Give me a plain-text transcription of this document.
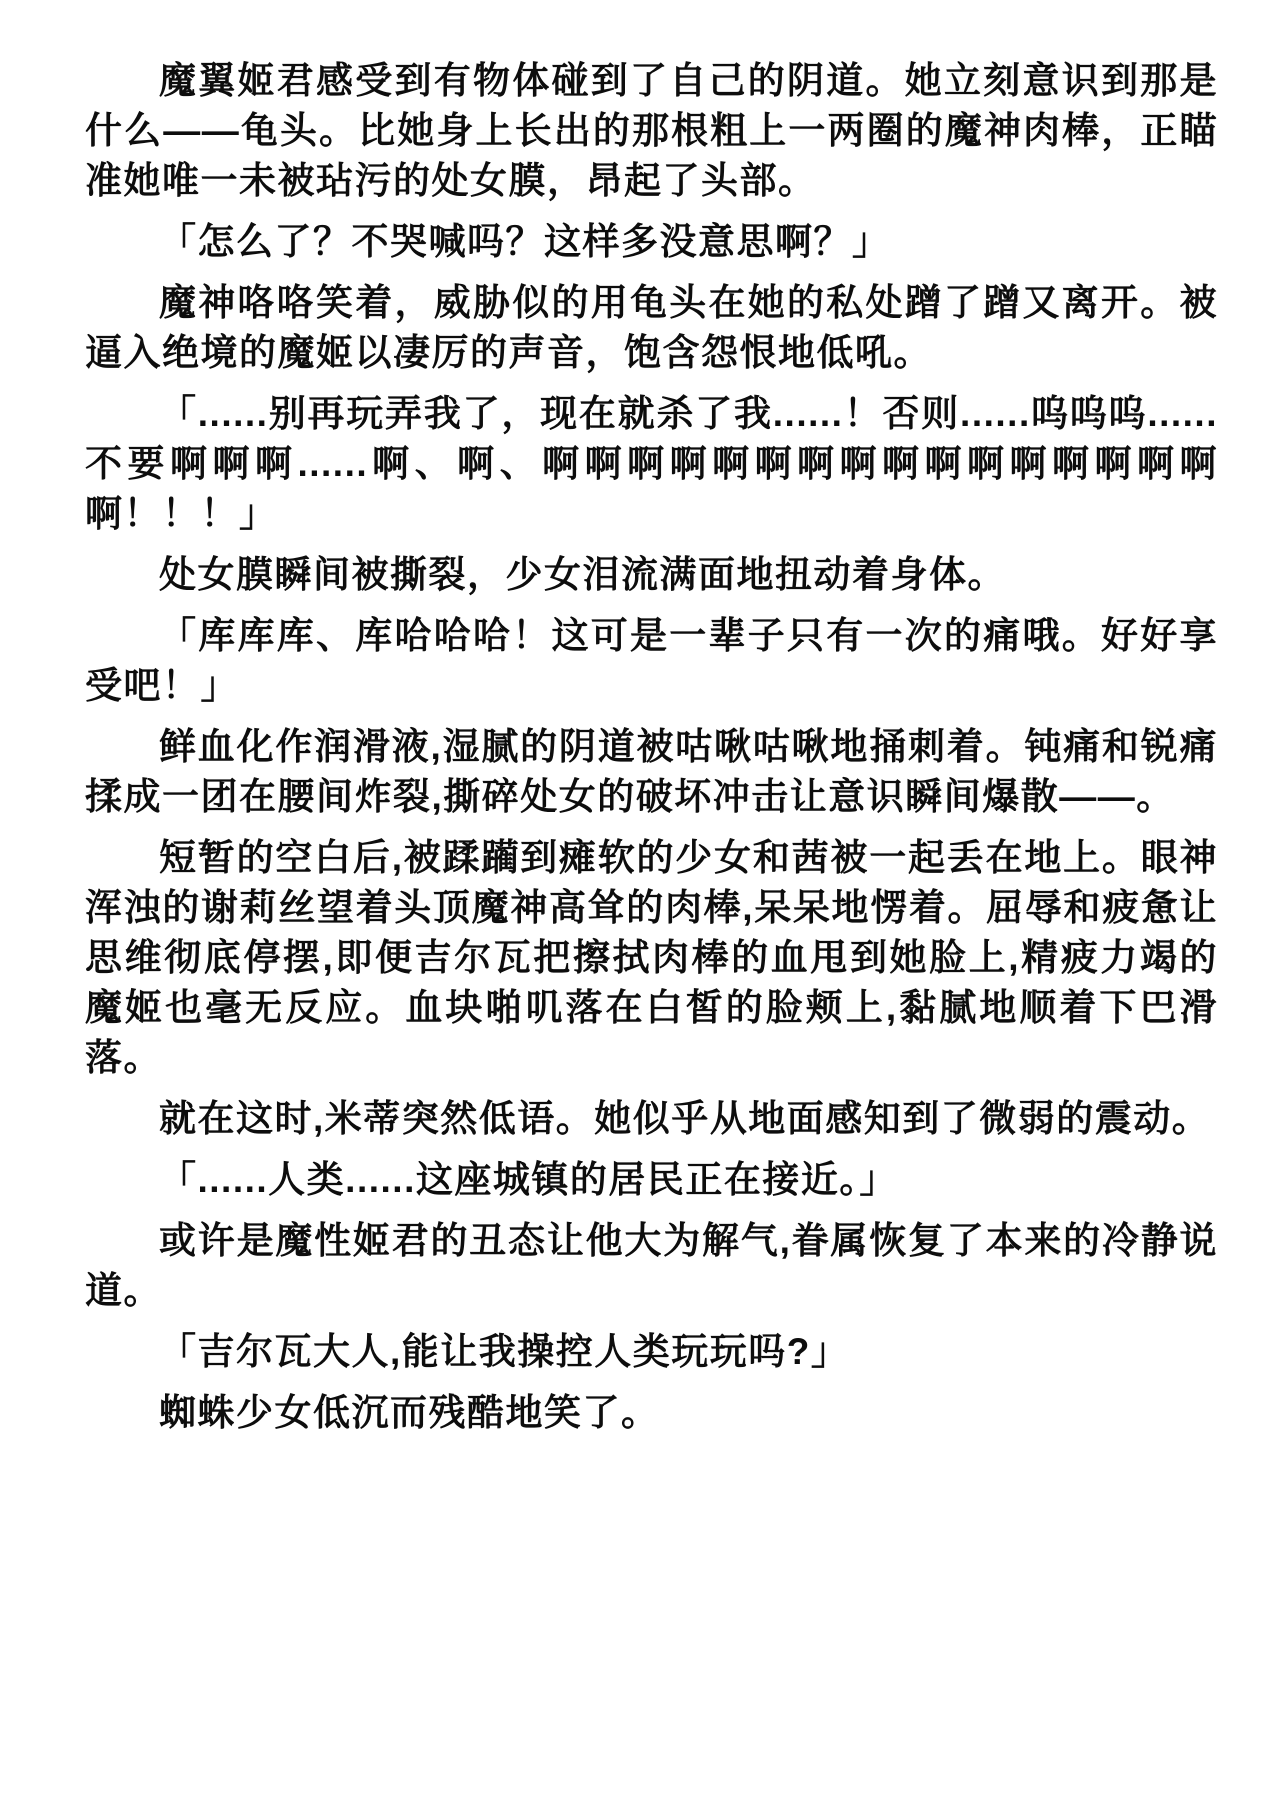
魔翼姬君感受到有物体碰到了自己的阴道。她立刻意识到那是什么——龟头。比她身上长出的那根粗上一两圈的魔神肉棒，正瞄准她唯一未被玷污的处女膜，昂起了头部。

「怎么了？不哭喊吗？这样多没意思啊？」

魔神咯咯笑着，威胁似的用龟头在她的私处蹭了蹭又离开。被逼入绝境的魔姬以凄厉的声音，饱含怨恨地低吼。

「......别再玩弄我了，现在就杀了我......！否则......呜呜呜......不要啊啊啊......啊、啊、啊啊啊啊啊啊啊啊啊啊啊啊啊啊啊啊啊！！！」

处女膜瞬间被撕裂，少女泪流满面地扭动着身体。

「库库库、库哈哈哈！这可是一辈子只有一次的痛哦。好好享受吧！」

鲜血化作润滑液,湿腻的阴道被咕啾咕啾地捅刺着。钝痛和锐痛揉成一团在腰间炸裂,撕碎处女的破坏冲击让意识瞬间爆散——。

短暂的空白后,被蹂躏到瘫软的少女和茜被一起丢在地上。眼神浑浊的谢莉丝望着头顶魔神高耸的肉棒,呆呆地愣着。屈辱和疲惫让思维彻底停摆,即便吉尔瓦把擦拭肉棒的血甩到她脸上,精疲力竭的魔姬也毫无反应。血块啪叽落在白皙的脸颊上,黏腻地顺着下巴滑落。

就在这时,米蒂突然低语。她似乎从地面感知到了微弱的震动。

「......人类......这座城镇的居民正在接近。」

或许是魔性姬君的丑态让他大为解气,眷属恢复了本来的冷静说道。

「吉尔瓦大人,能让我操控人类玩玩吗?」

蜘蛛少女低沉而残酷地笑了。
